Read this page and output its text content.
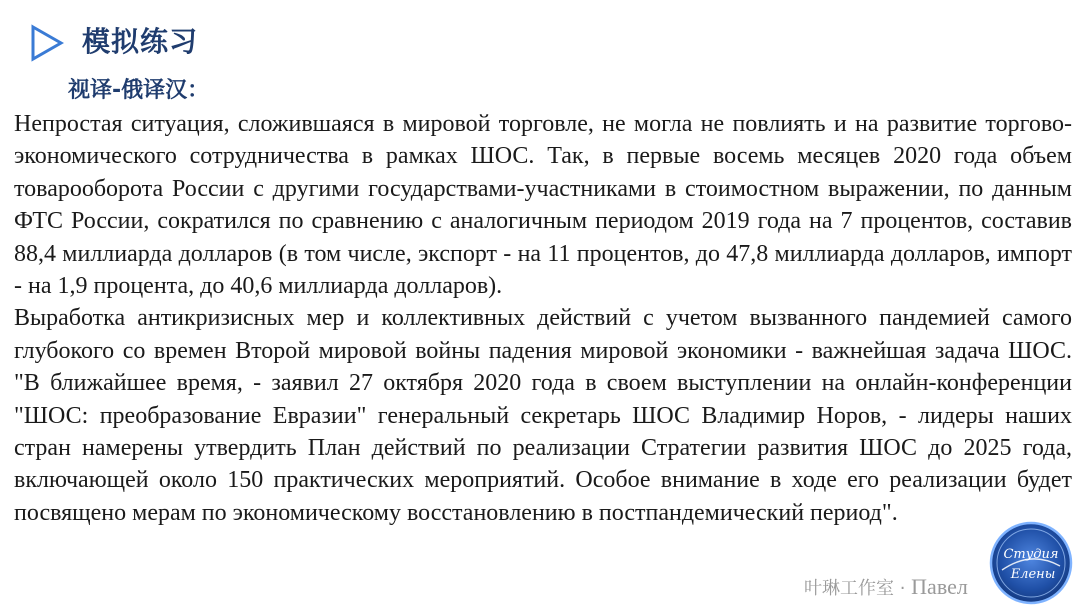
模拟练习
视译-俄译汉：

Непростая ситуация, сложившаяся в мировой торговле, не могла не повлиять и на развитие торгово-экономического сотрудничества в рамках ШОС. Так, в первые восемь месяцев 2020 года объем товарооборота России с другими государствами-участниками в стоимостном выражении, по данным ФТС России, сократился по сравнению с аналогичным периодом 2019 года на 7 процентов, составив 88,4 миллиарда долларов (в том числе, экспорт - на 11 процентов, до 47,8 миллиарда долларов, импорт - на 1,9 процента, до 40,6 миллиарда долларов).

Выработка антикризисных мер и коллективных действий с учетом вызванного пандемией самого глубокого со времен Второй мировой войны падения мировой экономики - важнейшая задача ШОС. "В ближайшее время, - заявил 27 октября 2020 года в своем выступлении на онлайн-конференции "ШОС: преобразование Евразии" генеральный секретарь ШОС Владимир Норов, - лидеры наших стран намерены утвердить План действий по реализации Стратегии развития ШОС до 2025 года, включающей около 150 практических мероприятий. Особое внимание в ходе его реализации будет посвящено мерам по экономическому восстановлению в постпандемический период".

叶琳工作室 · Павел
Студия
Елены
